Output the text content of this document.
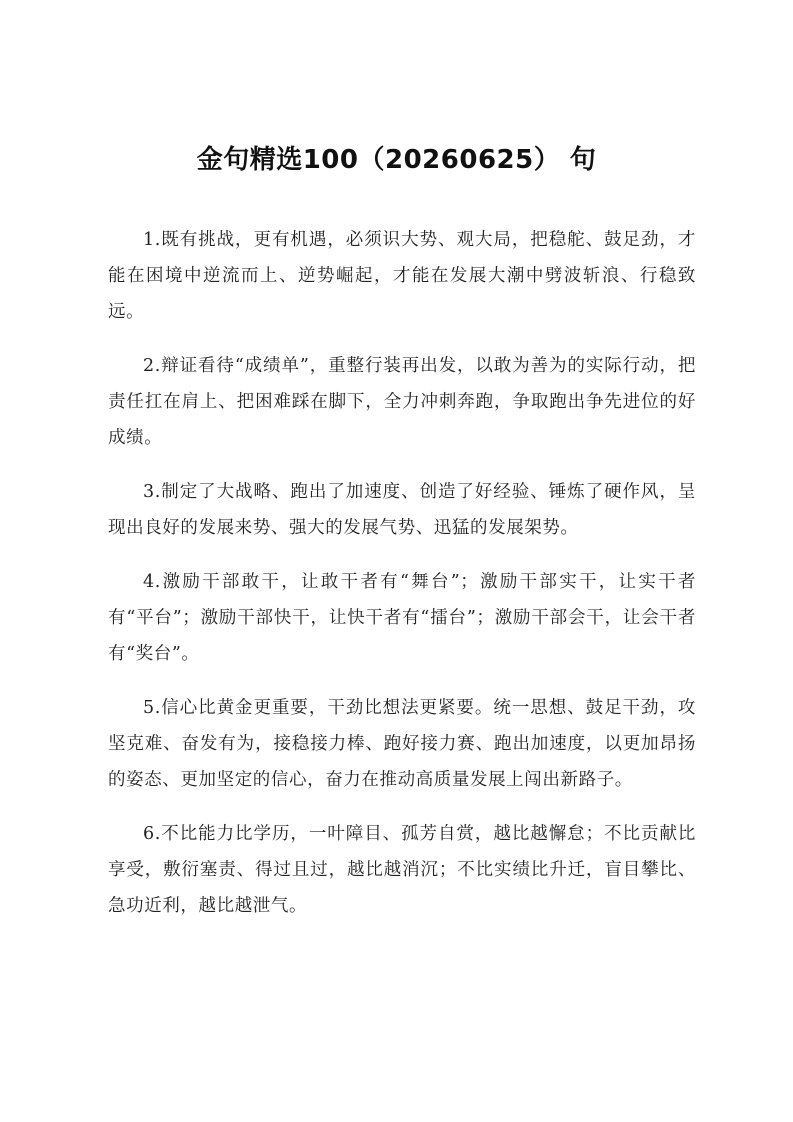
金句精选100（20260625） 句

1.既有挑战，更有机遇，必须识大势、观大局，把稳舵、鼓足劲，才能在困境中逆流而上、逆势崛起，才能在发展大潮中劈波斩浪、行稳致远。

2.辩证看待“成绩单”，重整行装再出发，以敢为善为的实际行动，把责任扛在肩上、把困难踩在脚下，全力冲刺奔跑，争取跑出争先进位的好成绩。

3.制定了大战略、跑出了加速度、创造了好经验、锤炼了硬作风，呈现出良好的发展来势、强大的发展气势、迅猛的发展架势。

4.激励干部敢干，让敢干者有“舞台”；激励干部实干，让实干者有“平台”；激励干部快干，让快干者有“擂台”；激励干部会干，让会干者有“奖台”。

5.信心比黄金更重要，干劲比想法更紧要。统一思想、鼓足干劲，攻坚克难、奋发有为，接稳接力棒、跑好接力赛、跑出加速度，以更加昂扬的姿态、更加坚定的信心，奋力在推动高质量发展上闯出新路子。

6.不比能力比学历，一叶障目、孤芳自赏，越比越懈怠；不比贡献比享受，敷衍塞责、得过且过，越比越消沉；不比实绩比升迁，盲目攀比、急功近利，越比越泄气。
